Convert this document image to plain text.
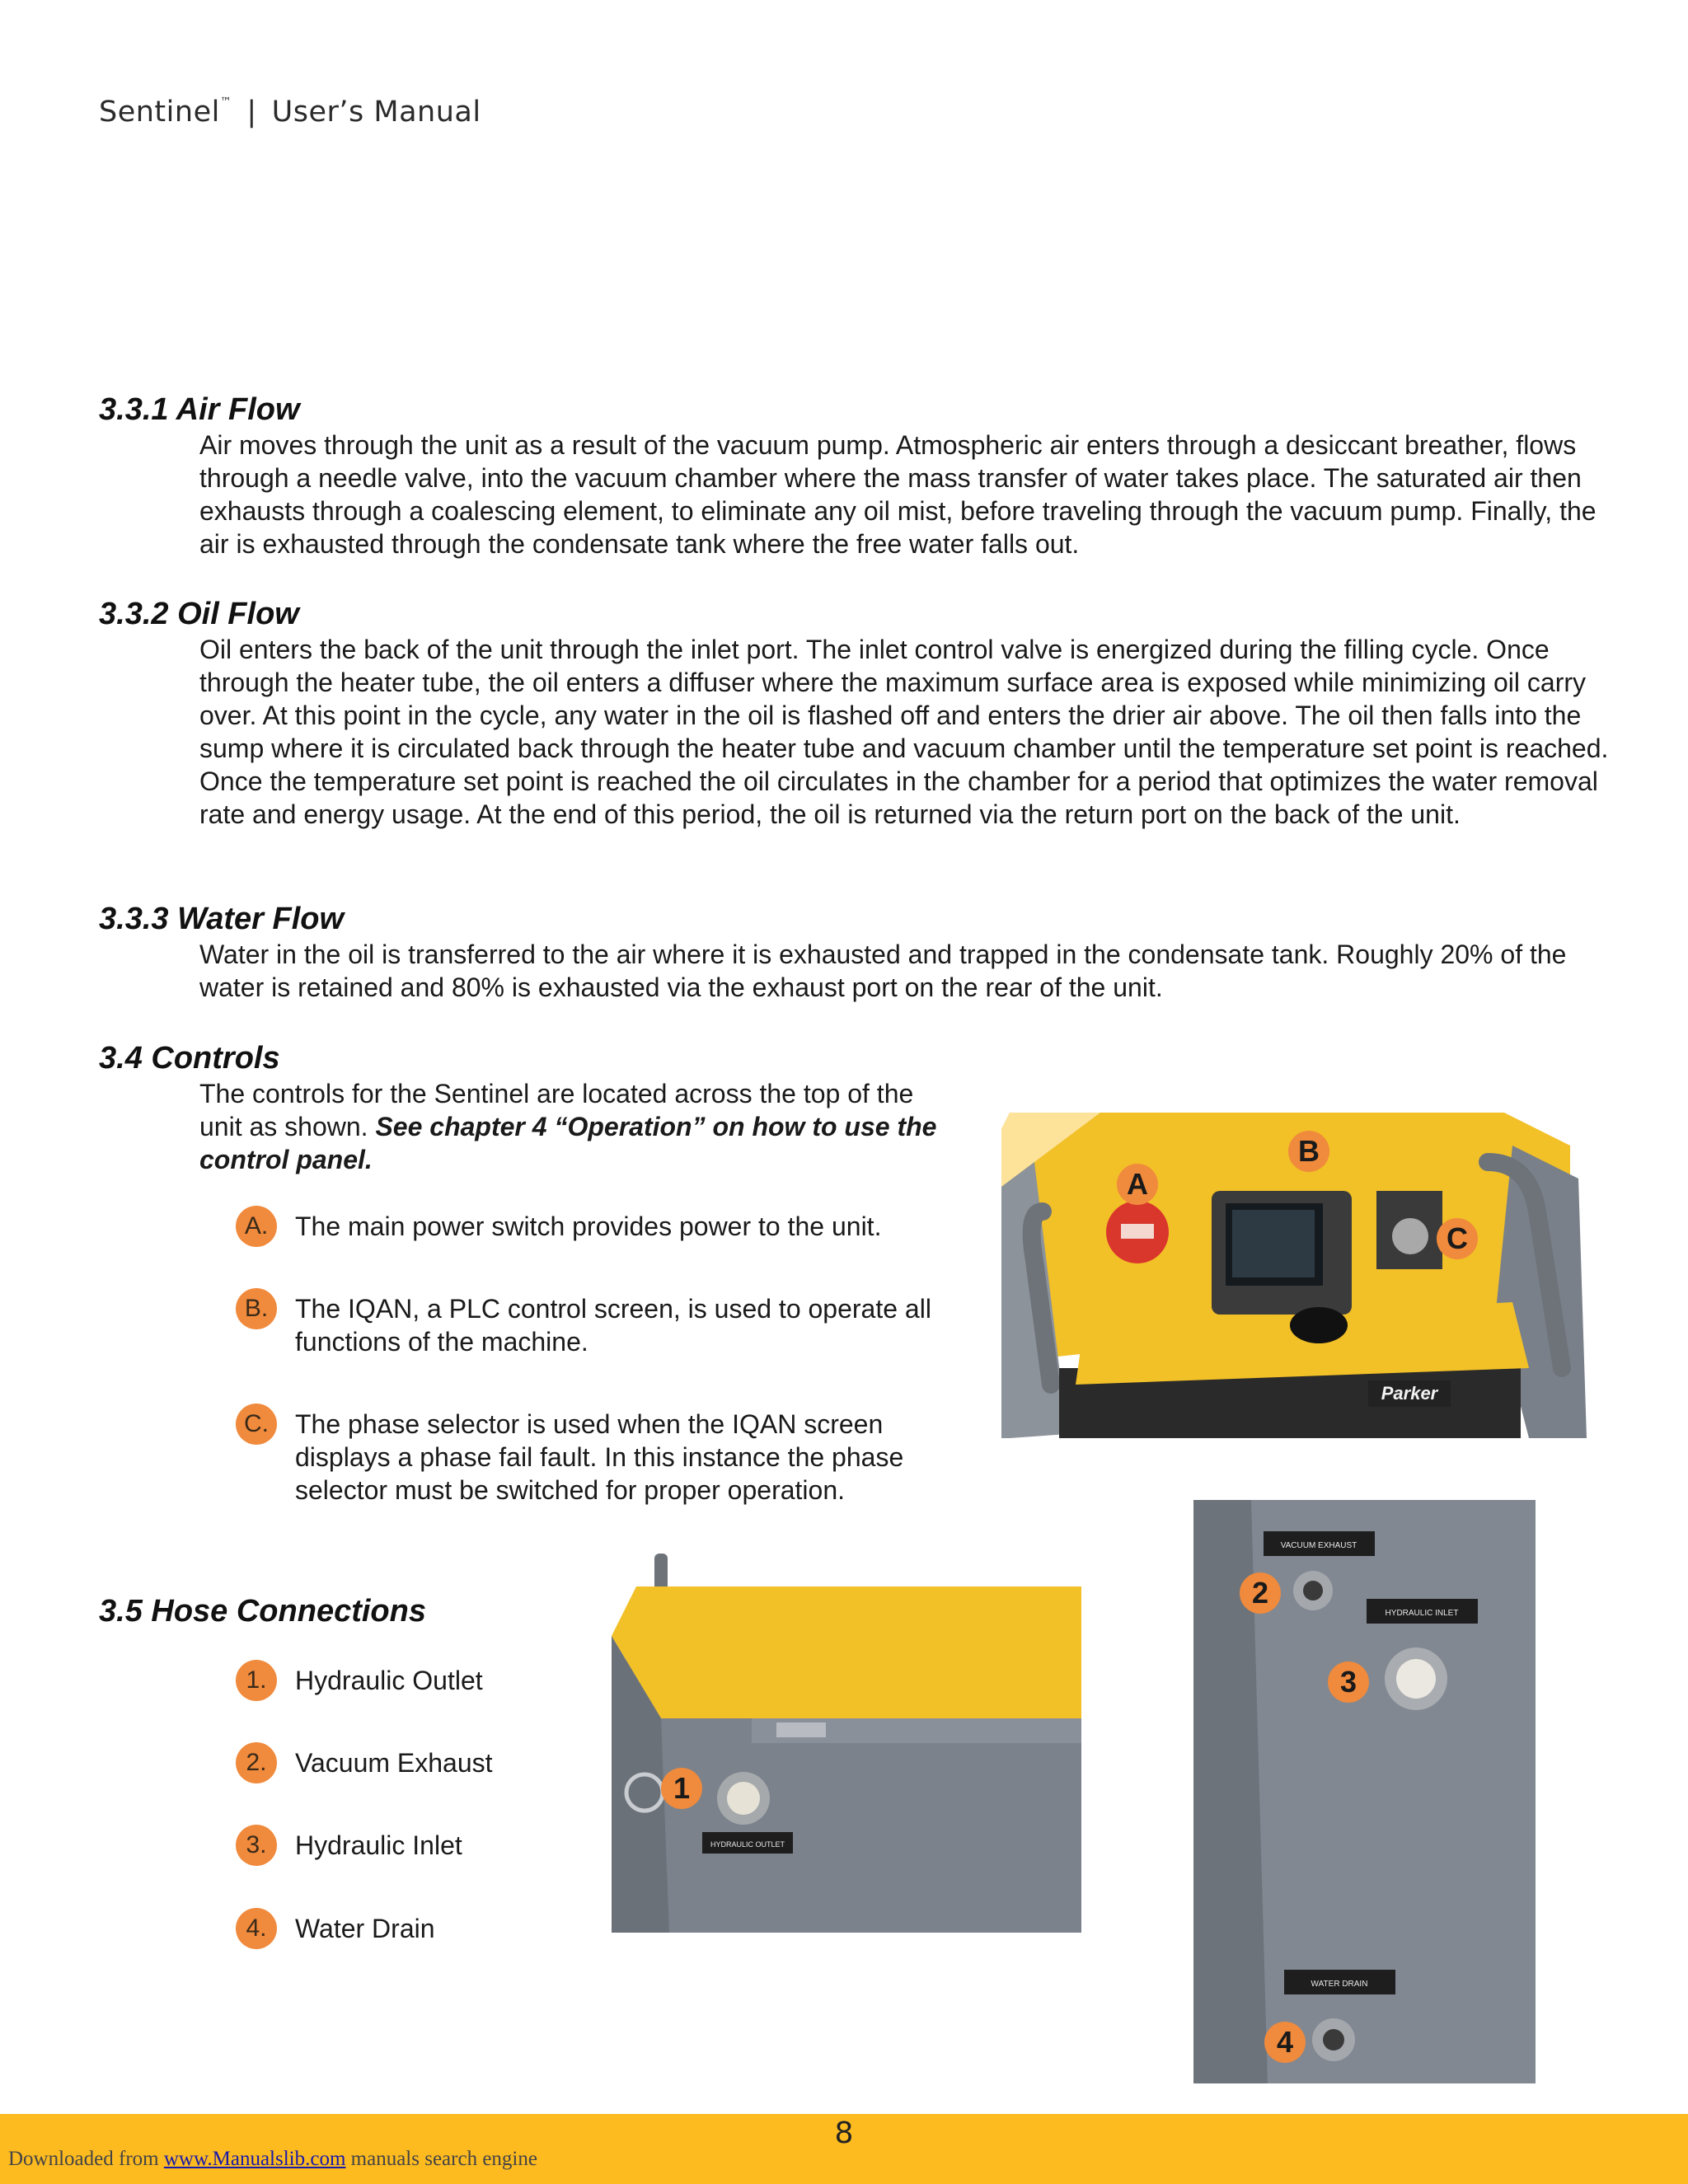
Sentinel™ | User’s Manual
3.3.1 Air Flow

Air moves through the unit as a result of the vacuum pump. Atmospheric air enters through a desiccant breather, flows through a needle valve, into the vacuum chamber where the mass transfer of water takes place. The saturated air then exhausts through a coalescing element, to eliminate any oil mist, before traveling through the vacuum pump. Finally, the air is exhausted through the condensate tank where the free water falls out.

3.3.2 Oil Flow

Oil enters the back of the unit through the inlet port. The inlet control valve is energized during the filling cycle. Once through the heater tube, the oil enters a diffuser where the maximum surface area is exposed while minimizing oil carry over. At this point in the cycle, any water in the oil is flashed off and enters the drier air above. The oil then falls into the sump where it is circulated back through the heater tube and vacuum chamber until the temperature set point is reached. Once the temperature set point is reached the oil circulates in the chamber for a period that optimizes the water removal rate and energy usage. At the end of this period, the oil is returned via the return port on the back of the unit.

3.3.3 Water Flow

Water in the oil is transferred to the air where it is exhausted and trapped in the condensate tank. Roughly 20% of the water is retained and 80% is exhausted via the exhaust port on the rear of the unit.

3.4 Controls

The controls for the Sentinel are located across the top of the unit as shown. See chapter 4 “Operation” on how to use the control panel.

A.	The main power switch provides power to the unit.
B.	The IQAN, a PLC control screen, is used to operate all functions of the machine.
C.	The phase selector is used when the IQAN screen displays a phase fail fault. In this instance the phase selector must be switched for proper operation.
Parker
A
B
C
3.5 Hose Connections
1.	Hydraulic Outlet
2.	Vacuum Exhaust
3.	Hydraulic Inlet
4.	Water Drain
HYDRAULIC OUTLET
1
VACUUM EXHAUST
HYDRAULIC INLET
WATER DRAIN
2
3
4
8
Downloaded from www.Manualslib.com manuals search engine
